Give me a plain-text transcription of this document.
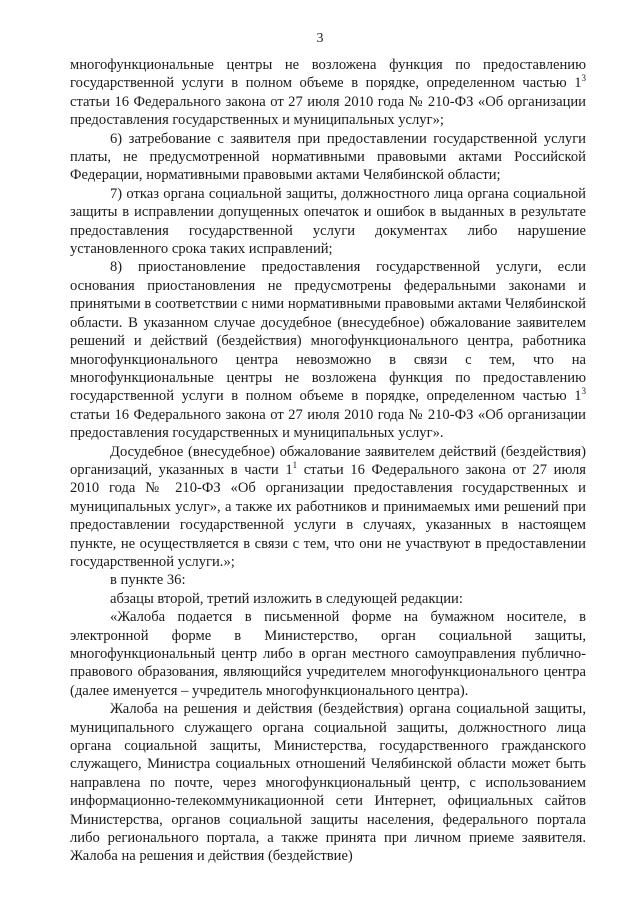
3

многофункциональные центры не возложена функция по предоставлению государственной услуги в полном объеме в порядке, определенном частью $1^3$ статьи 16 Федерального закона от 27 июля 2010 года № 210-ФЗ «Об организации предоставления государственных и муниципальных услуг»;

6) затребование с заявителя при предоставлении государственной услуги платы, не предусмотренной нормативными правовыми актами Российской Федерации, нормативными правовыми актами Челябинской области;

7) отказ органа социальной защиты, должностного лица органа социальной защиты в исправлении допущенных опечаток и ошибок в выданных в результате предоставления государственной услуги документах либо нарушение установленного срока таких исправлений;

8) приостановление предоставления государственной услуги, если основания приостановления не предусмотрены федеральными законами и принятыми в соответствии с ними нормативными правовыми актами Челябинской области. В указанном случае досудебное (внесудебное) обжалование заявителем решений и действий (бездействия) многофункционального центра, работника многофункционального центра невозможно в связи с тем, что на многофункциональные центры не возложена функция по предоставлению государственной услуги в полном объеме в порядке, определенном частью $1^3$ статьи 16 Федерального закона от 27 июля 2010 года № 210-ФЗ «Об организации предоставления государственных и муниципальных услуг».

Досудебное (внесудебное) обжалование заявителем действий (бездействия) организаций, указанных в части $1^1$ статьи 16 Федерального закона от 27 июля 2010 года № 210-ФЗ «Об организации предоставления государственных и муниципальных услуг», а также их работников и принимаемых ими решений при предоставлении государственной услуги в случаях, указанных в настоящем пункте, не осуществляется в связи с тем, что они не участвуют в предоставлении государственной услуги.»;

в пункте 36:

абзацы второй, третий изложить в следующей редакции:

«Жалоба подается в письменной форме на бумажном носителе, в электронной форме в Министерство, орган социальной защиты, многофункциональный центр либо в орган местного самоуправления публично-правового образования, являющийся учредителем многофункционального центра (далее именуется – учредитель многофункционального центра).

Жалоба на решения и действия (бездействия) органа социальной защиты, муниципального служащего органа социальной защиты, должностного лица органа социальной защиты, Министерства, государственного гражданского служащего, Министра социальных отношений Челябинской области может быть направлена по почте, через многофункциональный центр, с использованием информационно-телекоммуникационной сети Интернет, официальных сайтов Министерства, органов социальной защиты населения, федерального портала либо регионального портала, а также принята при личном приеме заявителя. Жалоба на решения и действия (бездействие)
